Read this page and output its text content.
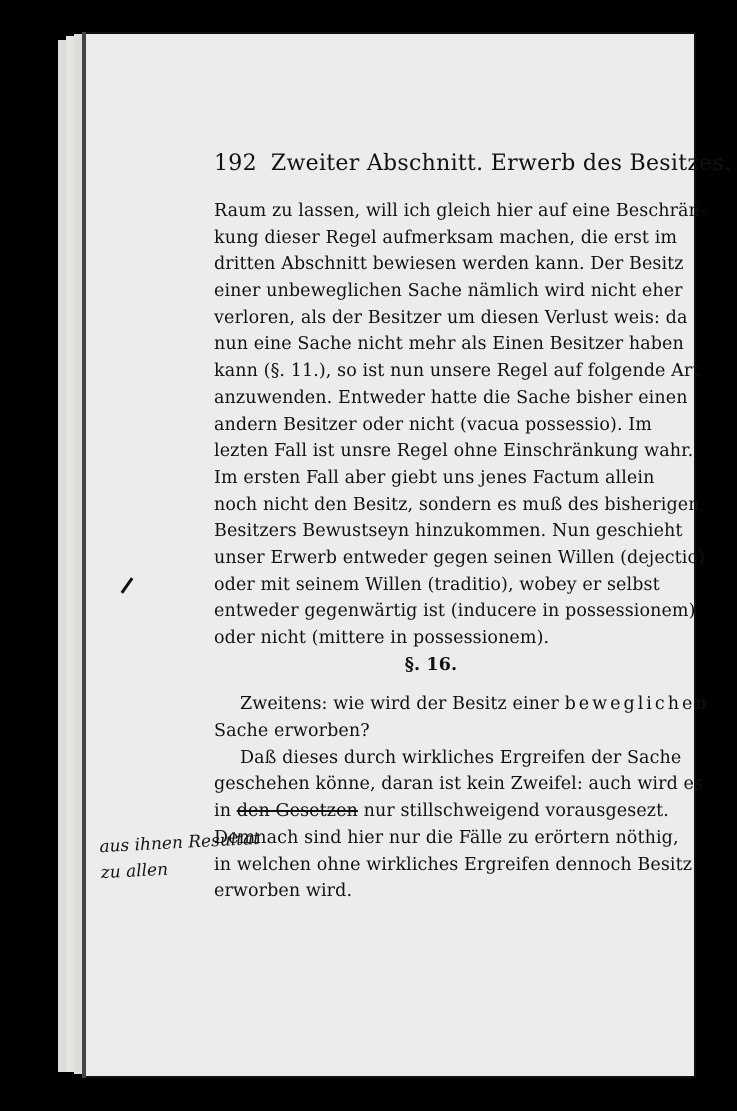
192 Zweiter Abschnitt. Erwerb des Besitzes.
Raum zu lassen, will ich gleich hier auf eine Beschrän-
kung dieser Regel aufmerksam machen, die erst im
dritten Abschnitt bewiesen werden kann. Der Besitz
einer unbeweglichen Sache nämlich wird nicht eher
verloren, als der Besitzer um diesen Verlust weis: da
nun eine Sache nicht mehr als Einen Besitzer haben
kann (§. 11.), so ist nun unsere Regel auf folgende Art
anzuwenden. Entweder hatte die Sache bisher einen
andern Besitzer oder nicht (vacua possessio). Im
lezten Fall ist unsre Regel ohne Einschränkung wahr.
Im ersten Fall aber giebt uns jenes Factum allein
noch nicht den Besitz, sondern es muß des bisherigen
Besitzers Bewustseyn hinzukommen. Nun geschieht
unser Erwerb entweder gegen seinen Willen (dejectio)
oder mit seinem Willen (traditio), wobey er selbst
entweder gegenwärtig ist (inducere in possessionem)
oder nicht (mittere in possessionem).
§. 16.
Zweitens: wie wird der Besitz einer beweglichen
Sache erworben?
Daß dieses durch wirkliches Ergreifen der Sache
geschehen könne, daran ist kein Zweifel: auch wird es
in den Gesetzen nur stillschweigend vorausgesezt.
Demnach sind hier nur die Fälle zu erörtern nöthig,
in welchen ohne wirkliches Ergreifen dennoch Besitz
erworben wird.
aus ihnen Resultat
zu allen
